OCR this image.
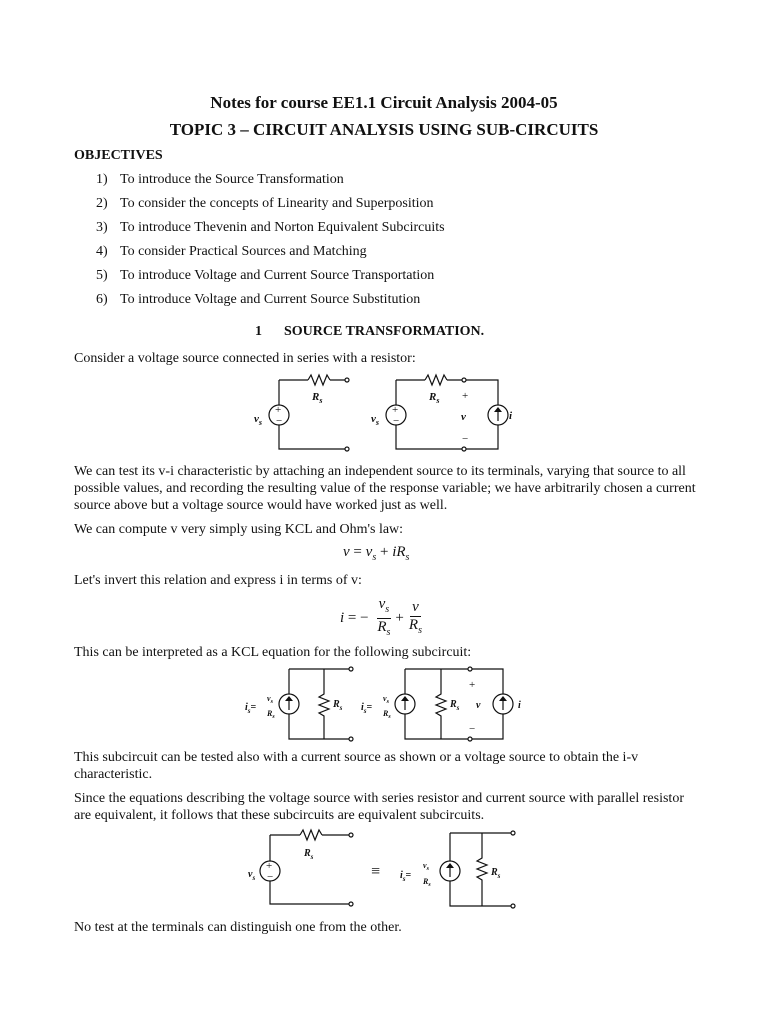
Notes for course EE1.1 Circuit Analysis 2004-05
TOPIC 3 – CIRCUIT ANALYSIS USING SUB-CIRCUITS
OBJECTIVES
1) To introduce the Source Transformation
2) To consider the concepts of Linearity and Superposition
3) To introduce Thevenin and Norton Equivalent Subcircuits
4) To consider Practical Sources and Matching
5) To introduce Voltage and Current Source Transportation
6) To introduce Voltage and Current Source Substitution
1 SOURCE TRANSFORMATION.
Consider a voltage source connected in series with a resistor:
+
−
+
−
+
−
$v_s$
$R_s$
$v_s$
$R_s$
v	i
We can test its v-i characteristic by attaching an independent source to its terminals, varying that source to all possible values, and recording the resulting value of the response variable; we have arbitrarily chosen a current source above but a voltage source would have worked just as well.
We can compute v very simply using KCL and Ohm's law:
$v = v_s + iR_s$
Let's invert this relation and express i in terms of v:
i = − $\frac{v_s}{R_s} + \frac{v}{R_s}$
This can be interpreted as a KCL equation for the following subcircuit:
+
−
$i_s=$
$v_s$
$R_s$
$R_s$ $i_s=$
$v_s$
$R_s$
$R_s$ v	i
This subcircuit can be tested also with a current source as shown or a voltage source to obtain the i-v characteristic.
Since the equations describing the voltage source with series resistor and current source with parallel resistor are equivalent, it follows that these subcircuits are equivalent subcircuits.
+
−	≡
$v_s$
$R_s$
$i_s=$
$v_s$
$R_s$
$R_s$
No test at the terminals can distinguish one from the other.
